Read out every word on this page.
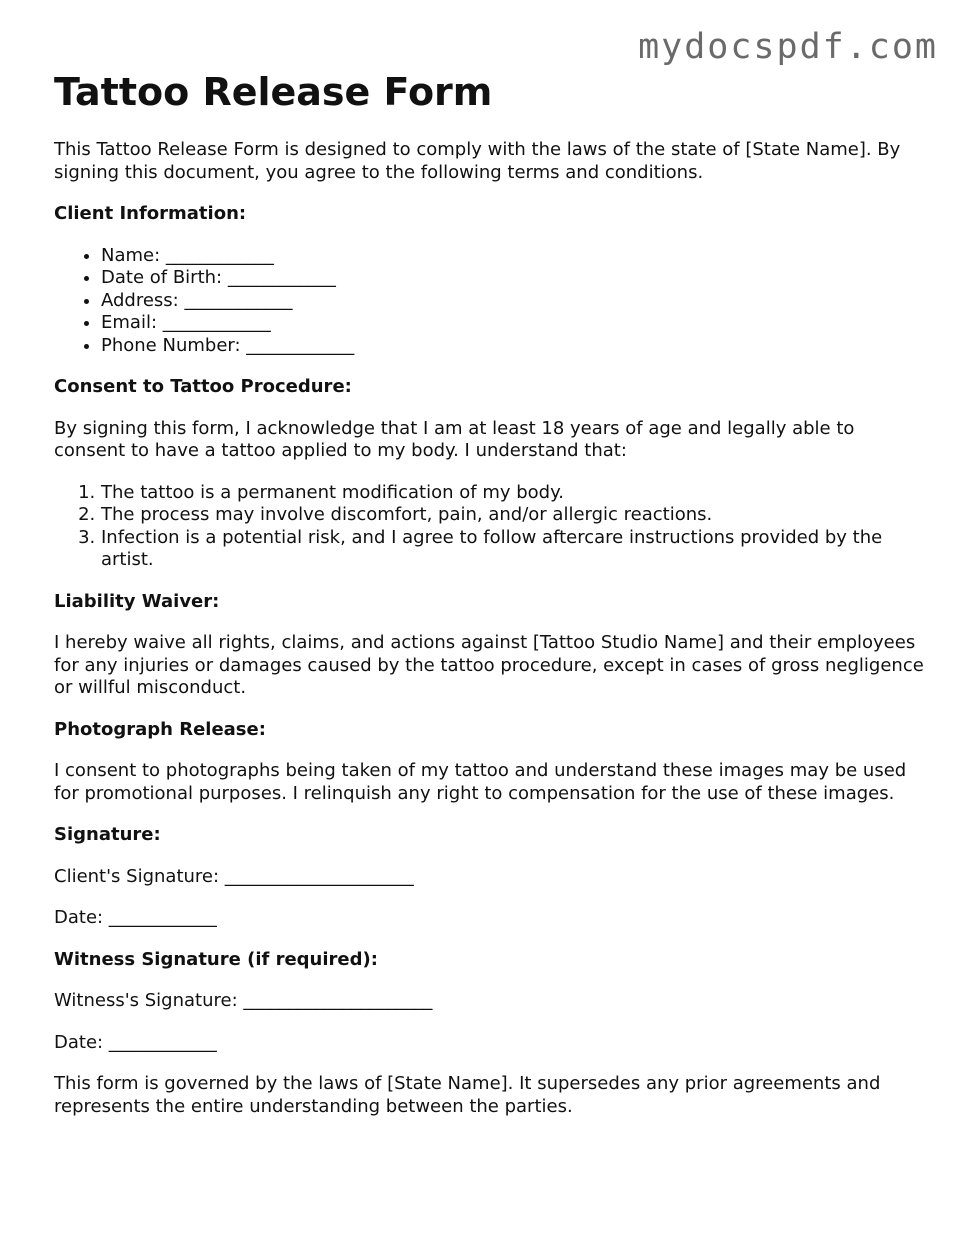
mydocspdf.com
Tattoo Release Form

This Tattoo Release Form is designed to comply with the laws of the state of [State Name]. By signing this document, you agree to the following terms and conditions.

Client Information:
• Name: ____________
• Date of Birth: ____________
• Address: ____________
• Email: ____________
• Phone Number: ____________
Consent to Tattoo Procedure:

By signing this form, I acknowledge that I am at least 18 years of age and legally able to consent to have a tattoo applied to my body. I understand that:

1. The tattoo is a permanent modification of my body.
2. The process may involve discomfort, pain, and/or allergic reactions.
3. Infection is a potential risk, and I agree to follow aftercare instructions provided by the artist.
Liability Waiver:

I hereby waive all rights, claims, and actions against [Tattoo Studio Name] and their employees for any injuries or damages caused by the tattoo procedure, except in cases of gross negligence or willful misconduct.

Photograph Release:

I consent to photographs being taken of my tattoo and understand these images may be used for promotional purposes. I relinquish any right to compensation for the use of these images.

Signature:

Client's Signature: _____________________

Date: ____________

Witness Signature (if required):

Witness's Signature: _____________________

Date: ____________

This form is governed by the laws of [State Name]. It supersedes any prior agreements and represents the entire understanding between the parties.
